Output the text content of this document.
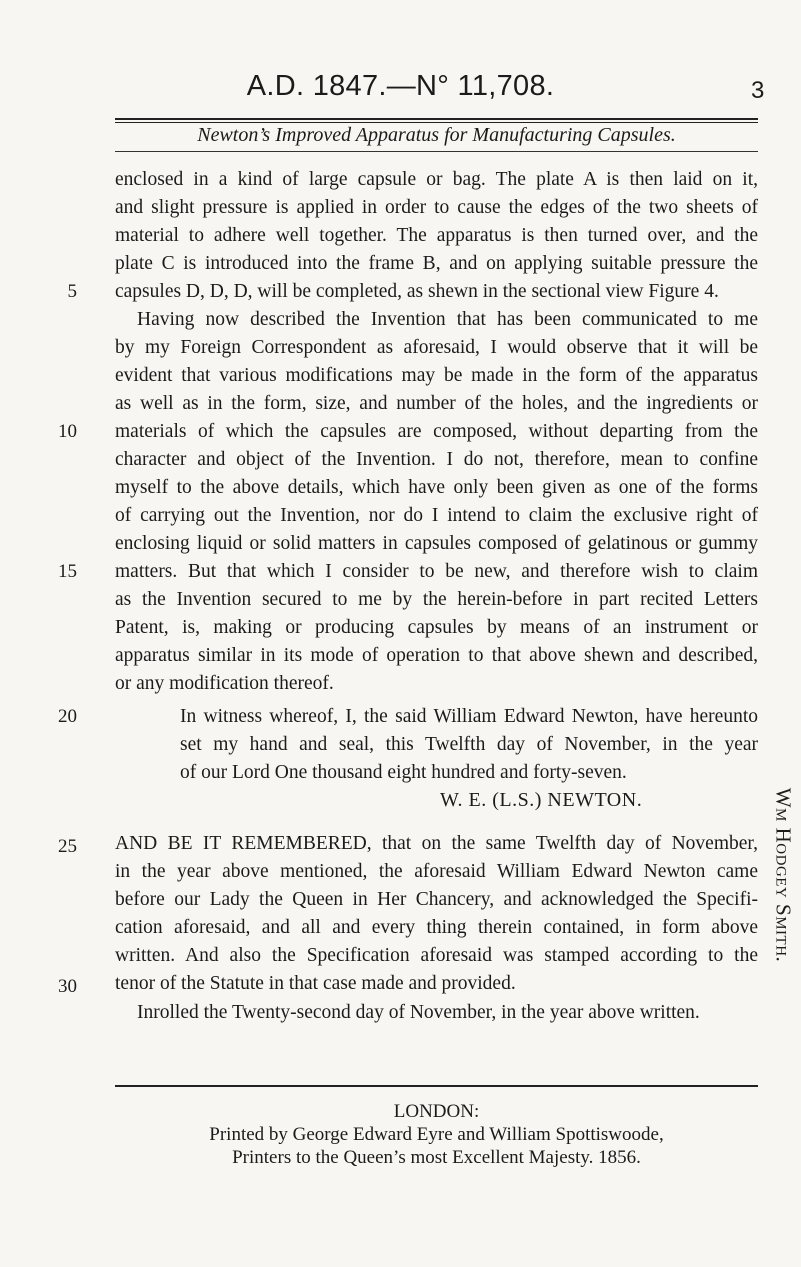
A.D. 1847.—N° 11,708.	3
Newton’s Improved Apparatus for Manufacturing Capsules.
enclosed in a kind of large capsule or bag. The plate A is then laid on it,
and slight pressure is applied in order to cause the edges of the two sheets of
material to adhere well together. The apparatus is then turned over, and the
plate C is introduced into the frame B, and on applying suitable pressure the
capsules D, D, D, will be completed, as shewn in the sectional view Figure 4.
Having now described the Invention that has been communicated to me
by my Foreign Correspondent as aforesaid, I would observe that it will be
evident that various modifications may be made in the form of the apparatus
as well as in the form, size, and number of the holes, and the ingredients or
materials of which the capsules are composed, without departing from the
character and object of the Invention. I do not, therefore, mean to confine
myself to the above details, which have only been given as one of the forms
of carrying out the Invention, nor do I intend to claim the exclusive right of
enclosing liquid or solid matters in capsules composed of gelatinous or gummy
matters. But that which I consider to be new, and therefore wish to claim
as the Invention secured to me by the herein-before in part recited Letters
Patent, is, making or producing capsules by means of an instrument or
apparatus similar in its mode of operation to that above shewn and described,
or any modification thereof.
In witness whereof, I, the said William Edward Newton, have hereunto
set my hand and seal, this Twelfth day of November, in the year
of our Lord One thousand eight hundred and forty-seven.
W. E. (L.S.) NEWTON.
AND BE IT REMEMBERED, that on the same Twelfth day of November,
in the year above mentioned, the aforesaid William Edward Newton came
before our Lady the Queen in Her Chancery, and acknowledged the Specifi-
cation aforesaid, and all and every thing therein contained, in form above
written. And also the Specification aforesaid was stamped according to the
tenor of the Statute in that case made and provided.
Inrolled the Twenty-second day of November, in the year above written.
5
10
15
20
25
30
LONDON:
Printed by George Edward Eyre and William Spottiswoode,
Printers to the Queen’s most Excellent Majesty. 1856.
Wm Hodgey Smith.
